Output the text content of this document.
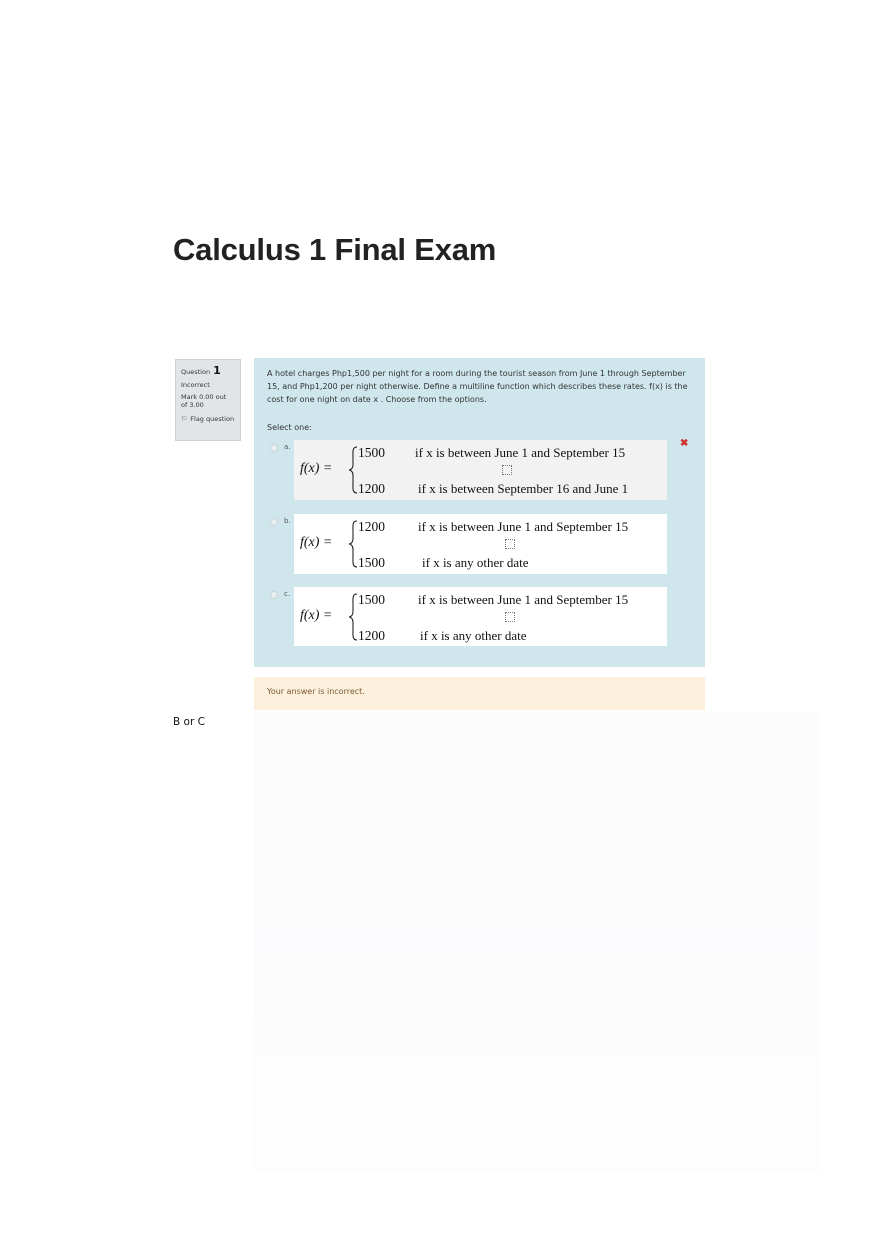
Calculus 1 Final Exam
Question 1
Incorrect
Mark 0.00 out
of 3.00
⚐ Flag question

A hotel charges Php1,500 per night for a room during the tourist season from June 1 through September 15, and Php1,200 per night otherwise. Define a multiline function which describes these rates. f(x) is the cost for one night on date x . Choose from the options.

Select one:
a.
f(x) =
1500 if x is between June 1 and September 15
1200	if x is between September 16 and June 1
✖
b.
f(x) =
1200	if x is between June 1 and September 15
1500	if x is any other date
c.
f(x) =
1500	if x is between June 1 and September 15
1200	if x is any other date
Your answer is incorrect.
B or C
